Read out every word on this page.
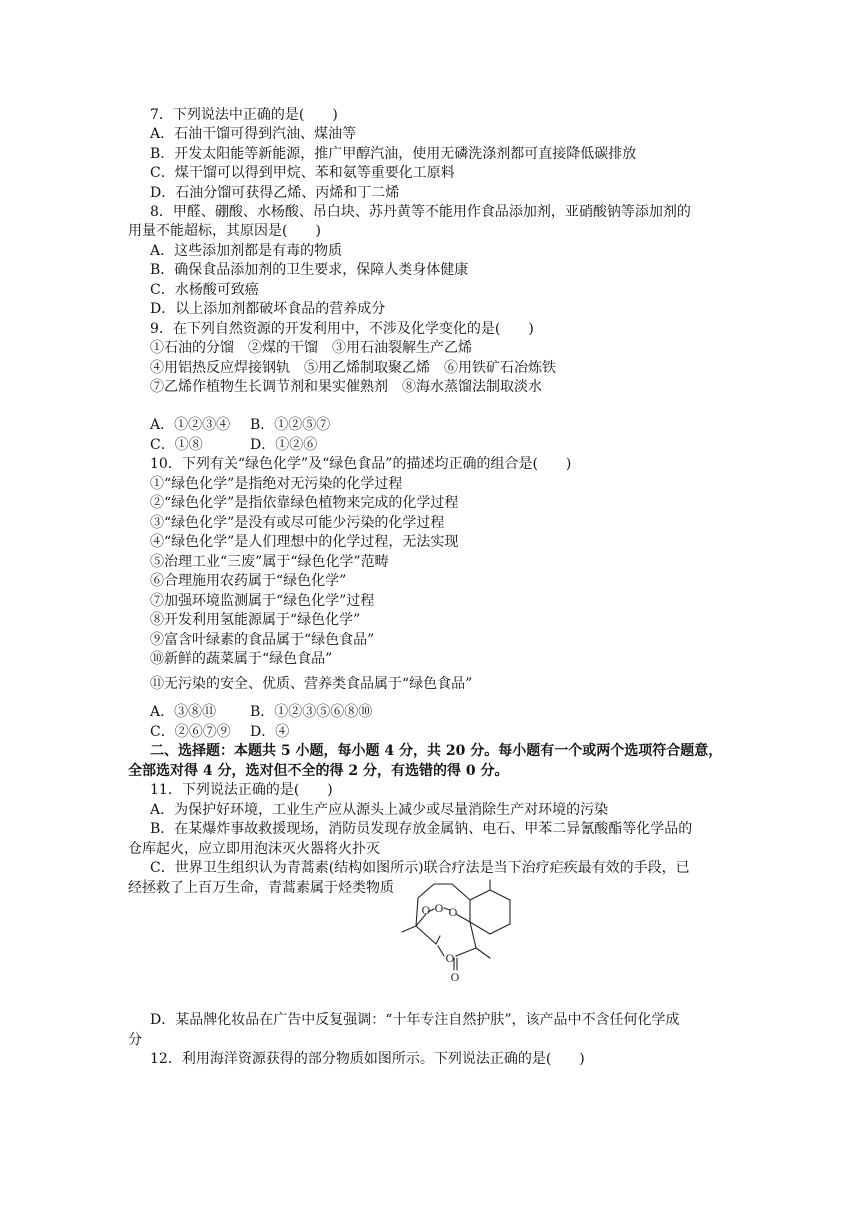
7．下列说法中正确的是(　　)

A．石油干馏可得到汽油、煤油等

B．开发太阳能等新能源，推广甲醇汽油，使用无磷洗涤剂都可直接降低碳排放

C．煤干馏可以得到甲烷、苯和氨等重要化工原料

D．石油分馏可获得乙烯、丙烯和丁二烯

8．甲醛、硼酸、水杨酸、吊白块、苏丹黄等不能用作食品添加剂，亚硝酸钠等添加剂的

用量不能超标，其原因是(　　)

A．这些添加剂都是有毒的物质

B．确保食品添加剂的卫生要求，保障人类身体健康

C．水杨酸可致癌

D．以上添加剂都破坏食品的营养成分

9．在下列自然资源的开发利用中，不涉及化学变化的是(　　)

①石油的分馏　②煤的干馏　③用石油裂解生产乙烯

④用铝热反应焊接钢轨　⑤用乙烯制取聚乙烯　⑥用铁矿石冶炼铁

⑦乙烯作植物生长调节剂和果实催熟剂　⑧海水蒸馏法制取淡水

A．①②③④ B．①②⑤⑦

C．①⑧	D．①②⑥

10．下列有关“绿色化学”及“绿色食品”的描述均正确的组合是(　　)

①“绿色化学”是指绝对无污染的化学过程

②“绿色化学”是指依靠绿色植物来完成的化学过程

③“绿色化学”是没有或尽可能少污染的化学过程

④“绿色化学”是人们理想中的化学过程，无法实现

⑤治理工业“三废”属于“绿色化学”范畴

⑥合理施用农药属于“绿色化学”

⑦加强环境监测属于“绿色化学”过程

⑧开发利用氢能源属于“绿色化学”

⑨富含叶绿素的食品属于“绿色食品”

⑩新鲜的蔬菜属于“绿色食品”

⑪无污染的安全、优质、营养类食品属于“绿色食品”

A．③⑧⑪ B．①②③⑤⑥⑧⑩

C．②⑥⑦⑨ D．④

二、选择题：本题共 5 小题，每小题 4 分，共 20 分。每小题有一个或两个选项符合题意，

全部选对得 4 分，选对但不全的得 2 分，有选错的得 0 分。

11．下列说法正确的是(　　)

A．为保护好环境，工业生产应从源头上减少或尽量消除生产对环境的污染

B．在某爆炸事故救援现场，消防员发现存放金属钠、电石、甲苯二异氰酸酯等化学品的

仓库起火，应立即用泡沫灭火器将火扑灭

C．世界卫生组织认为青蒿素(结构如图所示)联合疗法是当下治疗疟疾最有效的手段，已

经拯救了上百万生命，青蒿素属于烃类物质

O O O
O
O

D．某品牌化妆品在广告中反复强调：“十年专注自然护肤”，该产品中不含任何化学成

分

12．利用海洋资源获得的部分物质如图所示。下列说法正确的是(　　)
